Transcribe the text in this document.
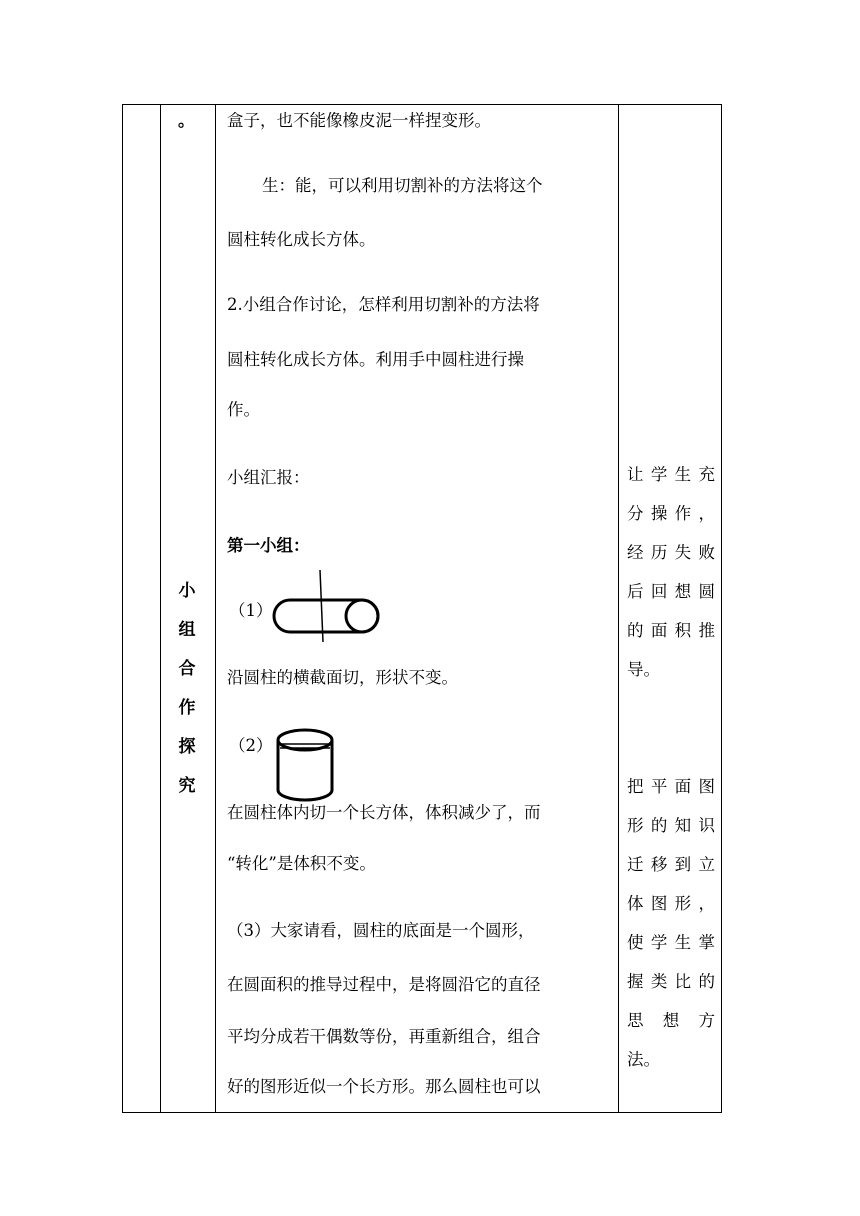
。
小
组
合
作
探
究
盒子，也不能像橡皮泥一样捏变形。
生：能，可以利用切割补的方法将这个
圆柱转化成长方体。
2.小组合作讨论，怎样利用切割补的方法将
圆柱转化成长方体。利用手中圆柱进行操
作。
小组汇报：
第一小组：
（1）
沿圆柱的横截面切，形状不变。
（2）
在圆柱体内切一个长方体，体积减少了，而
“转化”是体积不变。
（3）大家请看，圆柱的底面是一个圆形，
在圆面积的推导过程中，是将圆沿它的直径
平均分成若干偶数等份，再重新组合，组合
好的图形近似一个长方形。那么圆柱也可以
让学生充
分操作，
经历失败
后回想圆
的面积推
导。
把平面图
形的知识
迁移到立
体图形，
使学生掌
握类比的
思 想 方
法。
